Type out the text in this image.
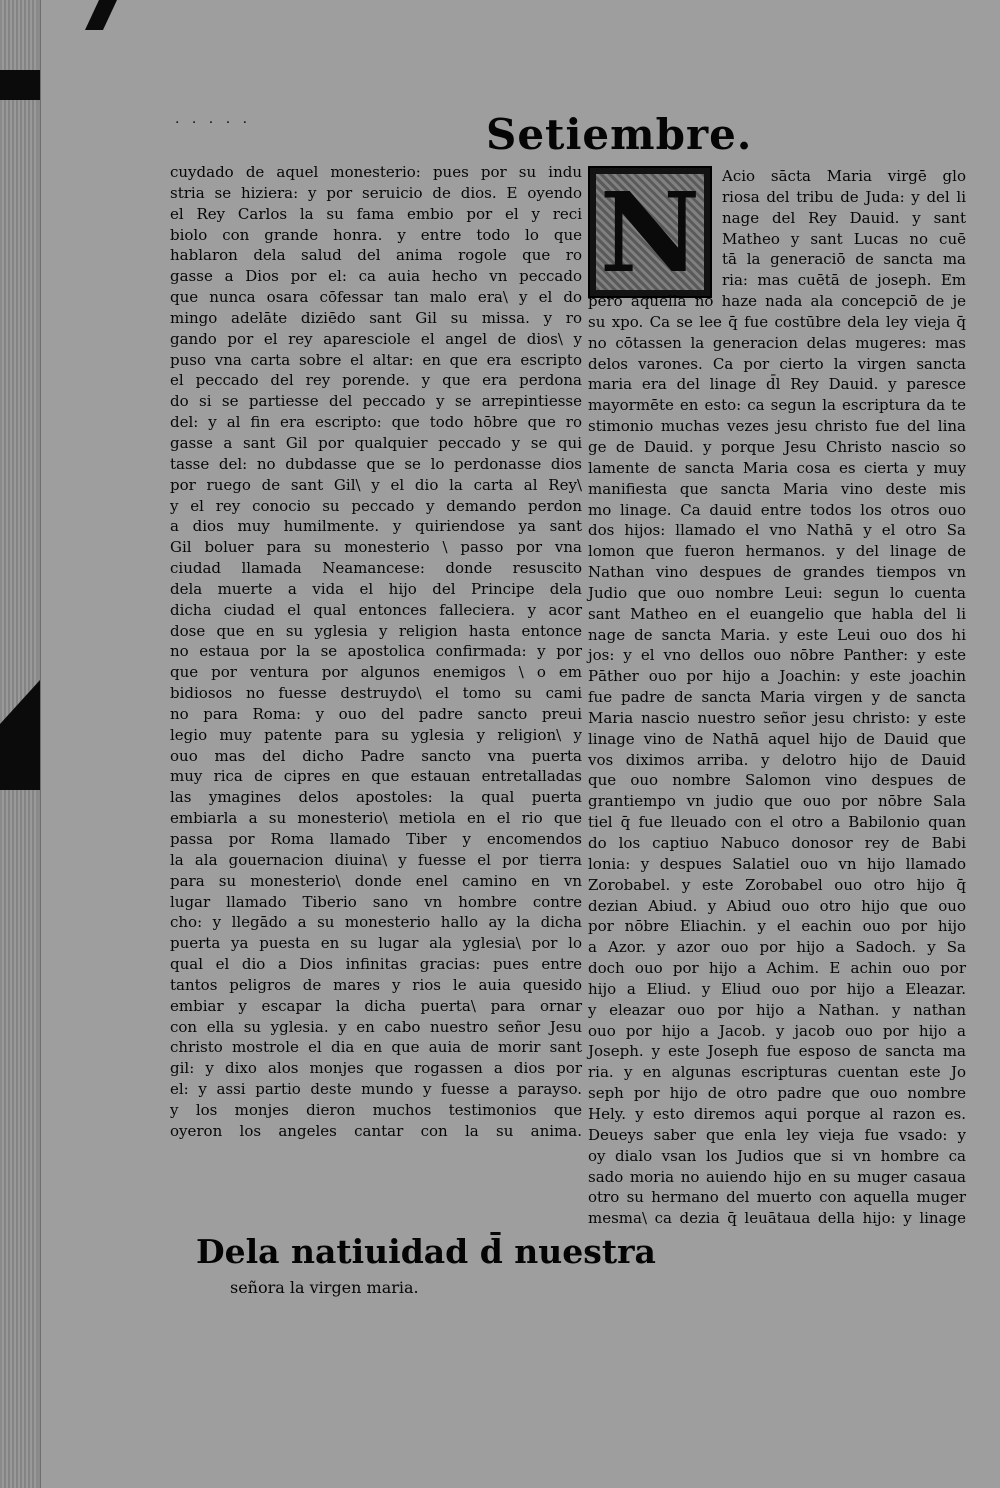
· · · · ·	Setiembre.
cuydado de aquel monesterio: pues por su indu
stria se hiziera: y por seruicio de dios. E oyendo
el Rey Carlos la su fama embio por el y reci
biolo con grande honra. y entre todo lo que
hablaron dela salud del anima rogole que ro
gasse a Dios por el: ca auia hecho vn peccado
que nunca osara cōfessar tan malo era\ y el do
mingo adelāte diziēdo sant Gil su missa. y ro
gando por el rey aparesciole el angel de dios\ y
puso vna carta sobre el altar: en que era escripto
el peccado del rey porende. y que era perdona
do si se partiesse del peccado y se arrepintiesse
del: y al fin era escripto: que todo hōbre que ro
gasse a sant Gil por qualquier peccado y se qui
tasse del: no dubdasse que se lo perdonasse dios
por ruego de sant Gil\ y el dio la carta al Rey\
y el rey conocio su peccado y demando perdon
a dios muy humilmente. y quiriendose ya sant
Gil boluer para su monesterio \ passo por vna
ciudad llamada Neamancese: donde resuscito
dela muerte a vida el hijo del Principe dela
dicha ciudad el qual entonces falleciera. y acor
dose que en su yglesia y religion hasta entonce
no estaua por la se apostolica confirmada: y por
que por ventura por algunos enemigos \ o em
bidiosos no fuesse destruydo\ el tomo su cami
no para Roma: y ouo del padre sancto preui
legio muy patente para su yglesia y religion\ y
ouo mas del dicho Padre sancto vna puerta
muy rica de cipres en que estauan entretalladas
las ymagines delos apostoles: la qual puerta
embiarla a su monesterio\ metiola en el rio que
passa por Roma llamado Tiber y encomendos
la ala gouernacion diuina\ y fuesse el por tierra
para su monesterio\ donde enel camino en vn
lugar llamado Tiberio sano vn hombre contre
cho: y llegādo a su monesterio hallo ay la dicha
puerta ya puesta en su lugar ala yglesia\ por lo
qual el dio a Dios infinitas gracias: pues entre
tantos peligros de mares y rios le auia quesido
embiar y escapar la dicha puerta\ para ornar
con ella su yglesia. y en cabo nuestro señor Jesu
christo mostrole el dia en que auia de morir sant
gil: y dixo alos monjes que rogassen a dios por
el: y assi partio deste mundo y fuesse a parayso.
y los monjes dieron muchos testimonios que
oyeron los angeles cantar con la su anima.
N	Acio sācta Maria virgē glo
riosa del tribu de Juda: y del li
nage del Rey Dauid. y sant
Matheo y sant Lucas no cuē
tā la generaciō de sancta ma
ria: mas cuētā de joseph. Em
pero aquella no haze nada ala concepciō de je
su xpo. Ca se lee q̄ fue costūbre dela ley vieja q̄
no cōtassen la generacion delas mugeres: mas
delos varones. Ca por cierto la virgen sancta
maria era del linage d̄l Rey Dauid. y paresce
mayormēte en esto: ca segun la escriptura da te
stimonio muchas vezes jesu christo fue del lina
ge de Dauid. y porque Jesu Christo nascio so
lamente de sancta Maria cosa es cierta y muy
manifiesta que sancta Maria vino deste mis
mo linage. Ca dauid entre todos los otros ouo
dos hijos: llamado el vno Nathā y el otro Sa
lomon que fueron hermanos. y del linage de
Nathan vino despues de grandes tiempos vn
Judio que ouo nombre Leui: segun lo cuenta
sant Matheo en el euangelio que habla del li
nage de sancta Maria. y este Leui ouo dos hi
jos: y el vno dellos ouo nōbre Panther: y este
Pāther ouo por hijo a Joachin: y este joachin
fue padre de sancta Maria virgen y de sancta
Maria nascio nuestro señor jesu christo: y este
linage vino de Nathā aquel hijo de Dauid que
vos diximos arriba. y delotro hijo de Dauid
que ouo nombre Salomon vino despues de
grantiempo vn judio que ouo por nōbre Sala
tiel q̄ fue lleuado con el otro a Babilonio quan
do los captiuo Nabuco donosor rey de Babi
lonia: y despues Salatiel ouo vn hijo llamado
Zorobabel. y este Zorobabel ouo otro hijo q̄
dezian Abiud. y Abiud ouo otro hijo que ouo
por nōbre Eliachin. y el eachin ouo por hijo
a Azor. y azor ouo por hijo a Sadoch. y Sa
doch ouo por hijo a Achim. E achin ouo por
hijo a Eliud. y Eliud ouo por hijo a Eleazar.
y eleazar ouo por hijo a Nathan. y nathan
ouo por hijo a Jacob. y jacob ouo por hijo a
Joseph. y este Joseph fue esposo de sancta ma
ria. y en algunas escripturas cuentan este Jo
seph por hijo de otro padre que ouo nombre
Hely. y esto diremos aqui porque al razon es.
Deueys saber que enla ley vieja fue vsado: y
oy dialo vsan los Judios que si vn hombre ca
sado moria no auiendo hijo en su muger casaua
otro su hermano del muerto con aquella muger
mesma\ ca dezia q̄ leuātaua della hijo: y linage
Dela natiuidad d̄ nuestra
señora la virgen maria.
